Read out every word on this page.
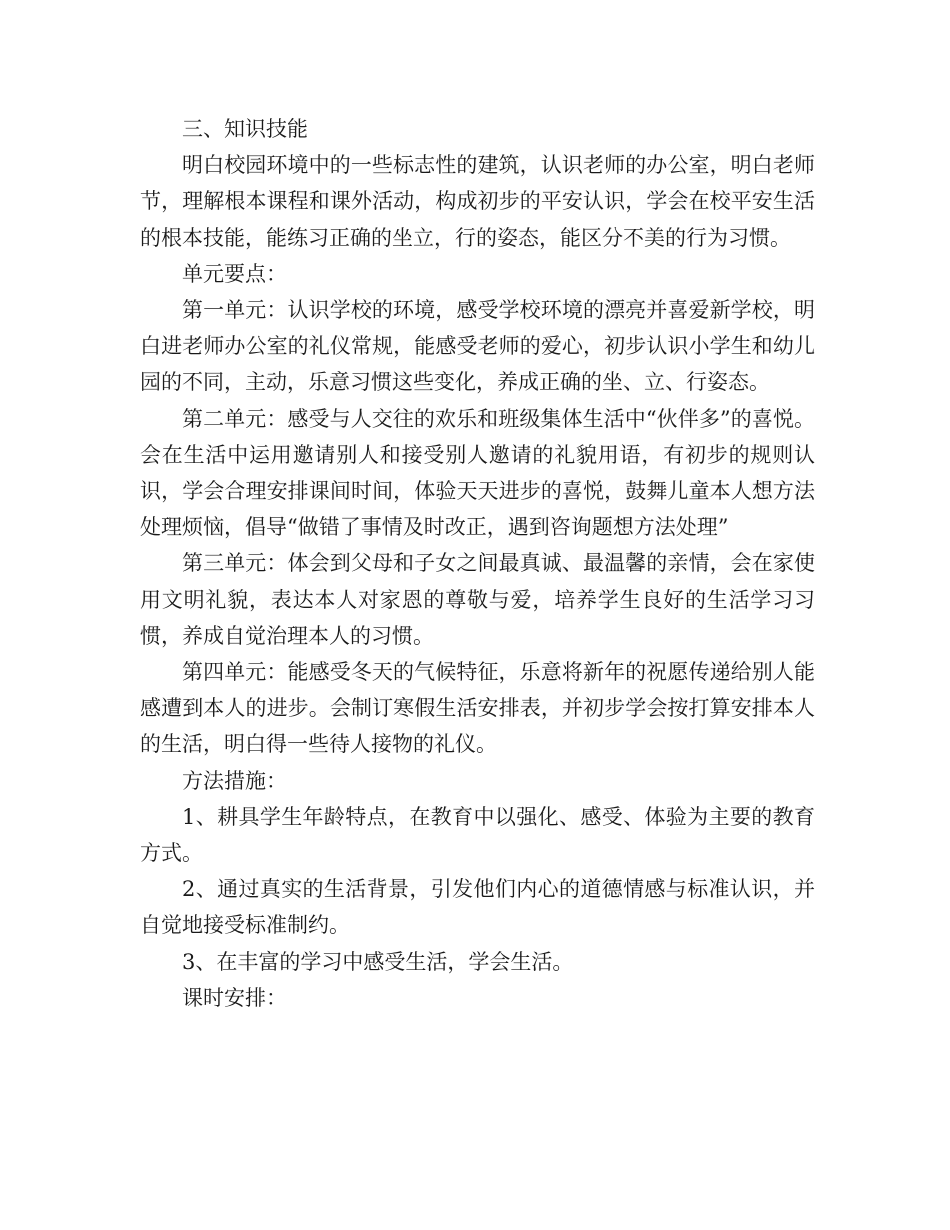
三、知识技能

明白校园环境中的一些标志性的建筑，认识老师的办公室，明白老师节，理解根本课程和课外活动，构成初步的平安认识，学会在校平安生活的根本技能，能练习正确的坐立，行的姿态，能区分不美的行为习惯。

单元要点：

第一单元：认识学校的环境，感受学校环境的漂亮并喜爱新学校，明白进老师办公室的礼仪常规，能感受老师的爱心，初步认识小学生和幼儿园的不同，主动，乐意习惯这些变化，养成正确的坐、立、行姿态。

第二单元：感受与人交往的欢乐和班级集体生活中“伙伴多”的喜悦。会在生活中运用邀请别人和接受别人邀请的礼貌用语，有初步的规则认识，学会合理安排课间时间，体验天天进步的喜悦，鼓舞儿童本人想方法处理烦恼，倡导“做错了事情及时改正，遇到咨询题想方法处理”

第三单元：体会到父母和子女之间最真诚、最温馨的亲情，会在家使用文明礼貌，表达本人对家恩的尊敬与爱，培养学生良好的生活学习习惯，养成自觉治理本人的习惯。

第四单元：能感受冬天的气候特征，乐意将新年的祝愿传递给别人能感遭到本人的进步。会制订寒假生活安排表，并初步学会按打算安排本人的生活，明白得一些待人接物的礼仪。

方法措施：

1、耕具学生年龄特点，在教育中以强化、感受、体验为主要的教育方式。

2、通过真实的生活背景，引发他们内心的道德情感与标准认识，并自觉地接受标准制约。

3、在丰富的学习中感受生活，学会生活。

课时安排：
